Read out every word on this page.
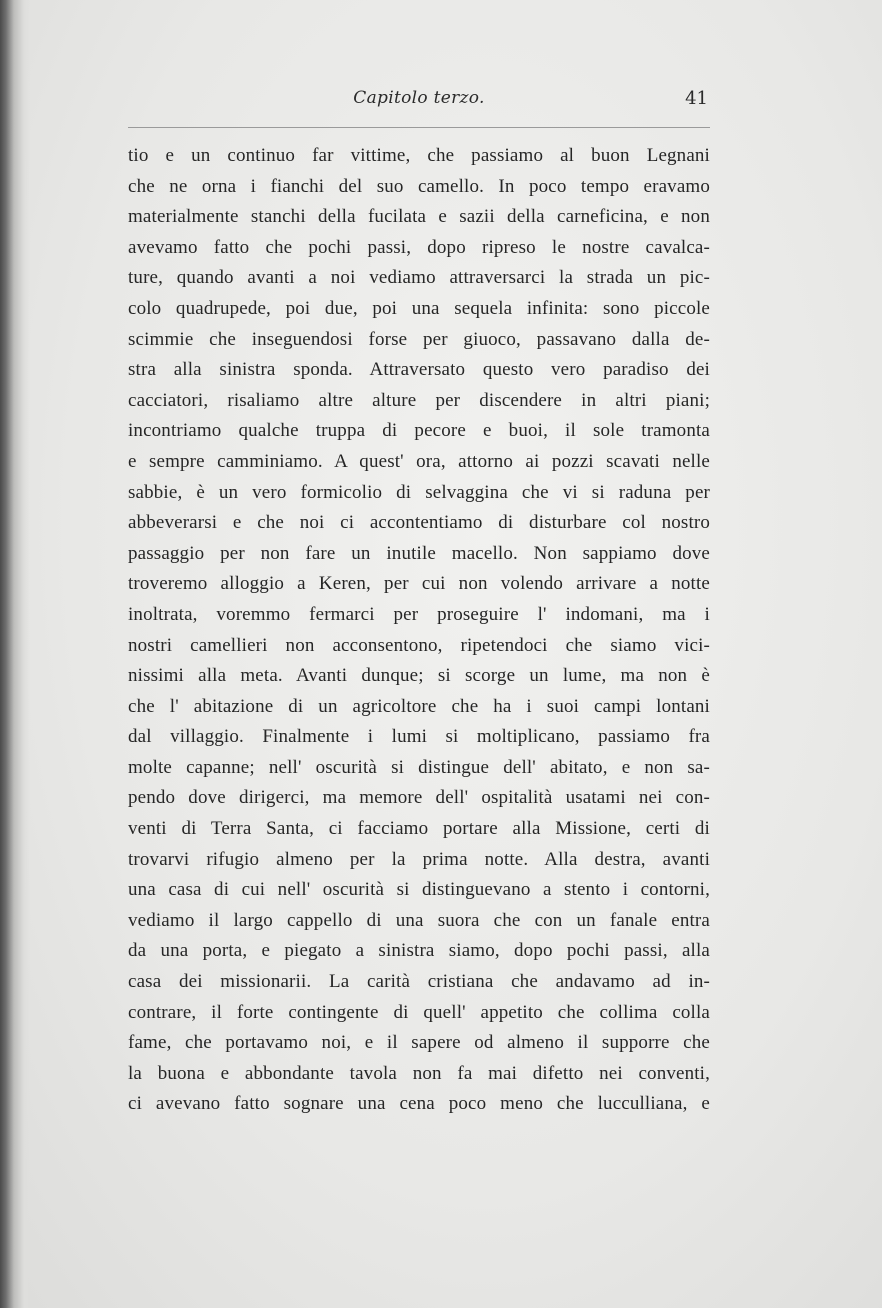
Capitolo terzo.	41
tio e un continuo far vittime, che passiamo al buon Legnani
che ne orna i fianchi del suo camello. In poco tempo eravamo
materialmente stanchi della fucilata e sazii della carneficina, e non
avevamo fatto che pochi passi, dopo ripreso le nostre cavalca-
ture, quando avanti a noi vediamo attraversarci la strada un pic-
colo quadrupede, poi due, poi una sequela infinita: sono piccole
scimmie che inseguendosi forse per giuoco, passavano dalla de-
stra alla sinistra sponda. Attraversato questo vero paradiso dei
cacciatori, risaliamo altre alture per discendere in altri piani;
incontriamo qualche truppa di pecore e buoi, il sole tramonta
e sempre camminiamo. A quest' ora, attorno ai pozzi scavati nelle
sabbie, è un vero formicolio di selvaggina che vi si raduna per
abbeverarsi e che noi ci accontentiamo di disturbare col nostro
passaggio per non fare un inutile macello. Non sappiamo dove
troveremo alloggio a Keren, per cui non volendo arrivare a notte
inoltrata, voremmo fermarci per proseguire l' indomani, ma i
nostri camellieri non acconsentono, ripetendoci che siamo vici-
nissimi alla meta. Avanti dunque; si scorge un lume, ma non è
che l' abitazione di un agricoltore che ha i suoi campi lontani
dal villaggio. Finalmente i lumi si moltiplicano, passiamo fra
molte capanne; nell' oscurità si distingue dell' abitato, e non sa-
pendo dove dirigerci, ma memore dell' ospitalità usatami nei con-
venti di Terra Santa, ci facciamo portare alla Missione, certi di
trovarvi rifugio almeno per la prima notte. Alla destra, avanti
una casa di cui nell' oscurità si distinguevano a stento i contorni,
vediamo il largo cappello di una suora che con un fanale entra
da una porta, e piegato a sinistra siamo, dopo pochi passi, alla
casa dei missionarii. La carità cristiana che andavamo ad in-
contrare, il forte contingente di quell' appetito che collima colla
fame, che portavamo noi, e il sapere od almeno il supporre che
la buona e abbondante tavola non fa mai difetto nei conventi,
ci avevano fatto sognare una cena poco meno che lucculliana, e
